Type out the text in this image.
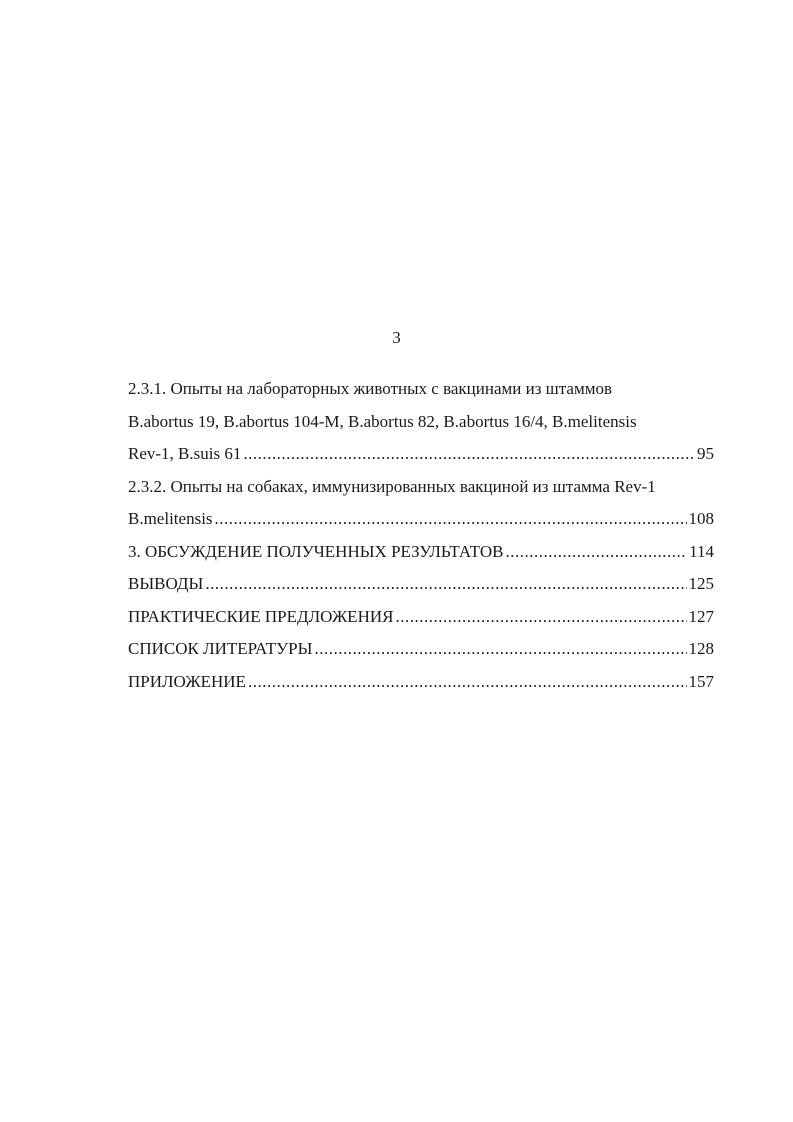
3
2.3.1. Опыты на лабораторных животных с вакцинами из штаммов
B.abortus 19, B.abortus 104-M, B.abortus 82, B.abortus 16/4, B.melitensis
Rev-1, B.suis 61 .....	95
2.3.2. Опыты на собаках, иммунизированных вакциной из штамма Rev-1
B.melitensis .....	108
3. ОБСУЖДЕНИЕ ПОЛУЧЕННЫХ РЕЗУЛЬТАТОВ .....	114
ВЫВОДЫ .....	125
ПРАКТИЧЕСКИЕ ПРЕДЛОЖЕНИЯ .....	127
СПИСОК ЛИТЕРАТУРЫ .....	128
ПРИЛОЖЕНИЕ .....	157
